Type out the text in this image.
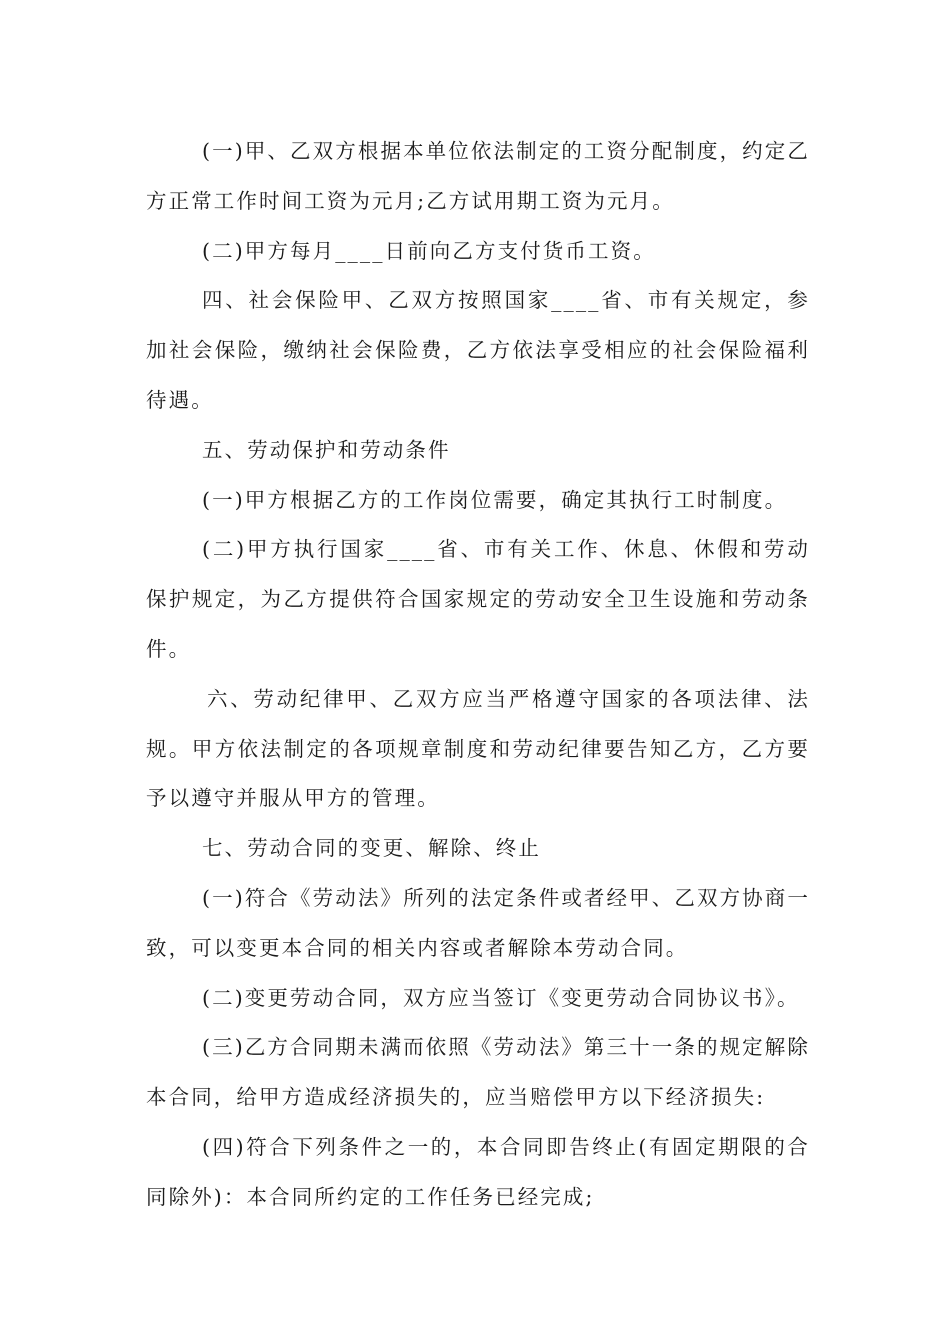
(一)甲、乙双方根据本单位依法制定的工资分配制度，约定乙方正常工作时间工资为元月;乙方试用期工资为元月。

(二)甲方每月____日前向乙方支付货币工资。

四、社会保险甲、乙双方按照国家____省、市有关规定，参加社会保险，缴纳社会保险费，乙方依法享受相应的社会保险福利待遇。

五、劳动保护和劳动条件

(一)甲方根据乙方的工作岗位需要，确定其执行工时制度。

(二)甲方执行国家____省、市有关工作、休息、休假和劳动保护规定，为乙方提供符合国家规定的劳动安全卫生设施和劳动条件。

六、劳动纪律甲、乙双方应当严格遵守国家的各项法律、法规。甲方依法制定的各项规章制度和劳动纪律要告知乙方，乙方要予以遵守并服从甲方的管理。

七、劳动合同的变更、解除、终止

(一)符合《劳动法》所列的法定条件或者经甲、乙双方协商一致，可以变更本合同的相关内容或者解除本劳动合同。

(二)变更劳动合同，双方应当签订《变更劳动合同协议书》。

(三)乙方合同期未满而依照《劳动法》第三十一条的规定解除本合同，给甲方造成经济损失的，应当赔偿甲方以下经济损失:

(四)符合下列条件之一的，本合同即告终止(有固定期限的合同除外)：本合同所约定的工作任务已经完成;
